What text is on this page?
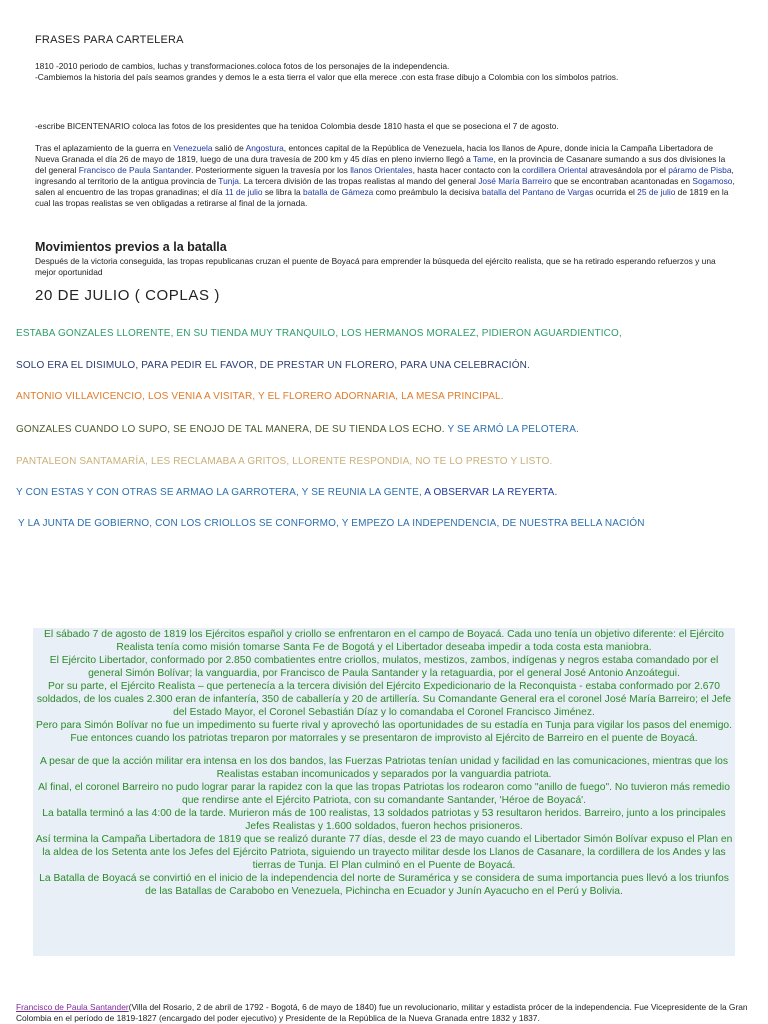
FRASES PARA CARTELERA
1810 -2010 periodo de cambios, luchas y transformaciones.coloca fotos de los personajes de la independencia.
-Cambiemos la historia del país seamos grandes y demos le a esta tierra el valor que ella merece .con esta frase dibujo a Colombia con los símbolos patrios.
-escribe BICENTENARIO coloca las fotos de los presidentes que ha tenidoa Colombia desde 1810 hasta el que se poseciona el 7 de agosto.
Tras el aplazamiento de la guerra en Venezuela salió de Angostura, entonces capital de la República de Venezuela, hacia los llanos de Apure, donde inicia la Campaña Libertadora de Nueva Granada el día 26 de mayo de 1819, luego de una dura travesía de 200 km y 45 días en pleno invierno llegó a Tame, en la provincia de Casanare sumando a sus dos divisiones la del general Francisco de Paula Santander. Posteriormente siguen la travesía por los llanos Orientales, hasta hacer contacto con la cordillera Oriental atravesándola por el páramo de Pisba, ingresando al territorio de la antigua provincia de Tunja. La tercera división de las tropas realistas al mando del general José María Barreiro que se encontraban acantonadas en Sogamoso, salen al encuentro de las tropas granadinas; el día 11 de julio se libra la batalla de Gámeza como preámbulo la decisiva batalla del Pantano de Vargas ocurrida el 25 de julio de 1819 en la cual las tropas realistas se ven obligadas a retirarse al final de la jornada.
Movimientos previos a la batalla
Después de la victoria conseguida, las tropas republicanas cruzan el puente de Boyacá para emprender la búsqueda del ejército realista, que se ha retirado esperando refuerzos y una mejor oportunidad
20 DE JULIO ( COPLAS )
ESTABA GONZALES LLORENTE, EN SU TIENDA MUY TRANQUILO, LOS HERMANOS MORALEZ, PIDIERON AGUARDIENTICO,
SOLO ERA EL DISIMULO, PARA PEDIR EL FAVOR, DE PRESTAR UN FLORERO, PARA UNA CELEBRACIÓN.
ANTONIO VILLAVICENCIO, LOS VENIA A VISITAR, Y EL FLORERO ADORNARIA, LA MESA PRINCIPAL.
GONZALES CUANDO LO SUPO, SE ENOJO DE TAL MANERA, DE SU TIENDA LOS ECHO. Y SE ARMÓ LA PELOTERA.
PANTALEON SANTAMARÍA, LES RECLAMABA A GRITOS, LLORENTE RESPONDIA, NO TE LO PRESTO Y LISTO.
Y CON ESTAS Y CON OTRAS SE ARMAO LA GARROTERA, Y SE REUNIA LA GENTE, A OBSERVAR LA REYERTA.
Y LA JUNTA DE GOBIERNO, CON LOS CRIOLLOS SE CONFORMO, Y EMPEZO LA INDEPENDENCIA, DE NUESTRA BELLA NACIÓN

El sábado 7 de agosto de 1819 los Ejércitos español y criollo se enfrentaron en el campo de Boyacá. Cada uno tenía un objetivo diferente: el Ejército Realista tenía como misión tomarse Santa Fe de Bogotá y el Libertador deseaba impedir a toda costa esta maniobra.

El Ejército Libertador, conformado por 2.850 combatientes entre criollos, mulatos, mestizos, zambos, indígenas y negros estaba comandado por el general Simón Bolívar; la vanguardia, por Francisco de Paula Santander y la retaguardia, por el general José Antonio Anzoátegui.

Por su parte, el Ejército Realista – que pertenecía a la tercera división del Ejército Expedicionario de la Reconquista - estaba conformado por 2.670 soldados, de los cuales 2.300 eran de infantería, 350 de caballería y 20 de artillería. Su Comandante General era el coronel José María Barreiro; el Jefe del Estado Mayor, el Coronel Sebastián Díaz y lo comandaba el Coronel Francisco Jiménez.

Pero para Simón Bolívar no fue un impedimento su fuerte rival y aprovechó las oportunidades de su estadía en Tunja para vigilar los pasos del enemigo. Fue entonces cuando los patriotas treparon por matorrales y se presentaron de improvisto al Ejército de Barreiro en el puente de Boyacá.

A pesar de que la acción militar era intensa en los dos bandos, las Fuerzas Patriotas tenían unidad y facilidad en las comunicaciones, mientras que los Realistas estaban incomunicados y separados por la vanguardia patriota.

Al final, el coronel Barreiro no pudo lograr parar la rapidez con la que las tropas Patriotas los rodearon como "anillo de fuego". No tuvieron más remedio que rendirse ante el Ejército Patriota, con su comandante Santander, 'Héroe de Boyacá'.

La batalla terminó a las 4:00 de la tarde. Murieron más de 100 realistas, 13 soldados patriotas y 53 resultaron heridos. Barreiro, junto a los principales Jefes Realistas y 1.600 soldados, fueron hechos prisioneros.

Así termina la Campaña Libertadora de 1819 que se realizó durante 77 días, desde el 23 de mayo cuando el Libertador Simón Bolívar expuso el Plan en la aldea de los Setenta ante los Jefes del Ejército Patriota, siguiendo un trayecto militar desde los Llanos de Casanare, la cordillera de los Andes y las tierras de Tunja. El Plan culminó en el Puente de Boyacá.

La Batalla de Boyacá se convirtió en el inicio de la independencia del norte de Suramérica y se considera de suma importancia pues llevó a los triunfos de las Batallas de Carabobo en Venezuela, Pichincha en Ecuador y Junín Ayacucho en el Perú y Bolivia.

Francisco de Paula Santander(Villa del Rosario, 2 de abril de 1792 - Bogotá, 6 de mayo de 1840) fue un revolucionario, militar y estadista prócer de la independencia. Fue Vicepresidente de la Gran Colombia en el período de 1819-1827 (encargado del poder ejecutivo) y Presidente de la República de la Nueva Granada entre 1832 y 1837.
